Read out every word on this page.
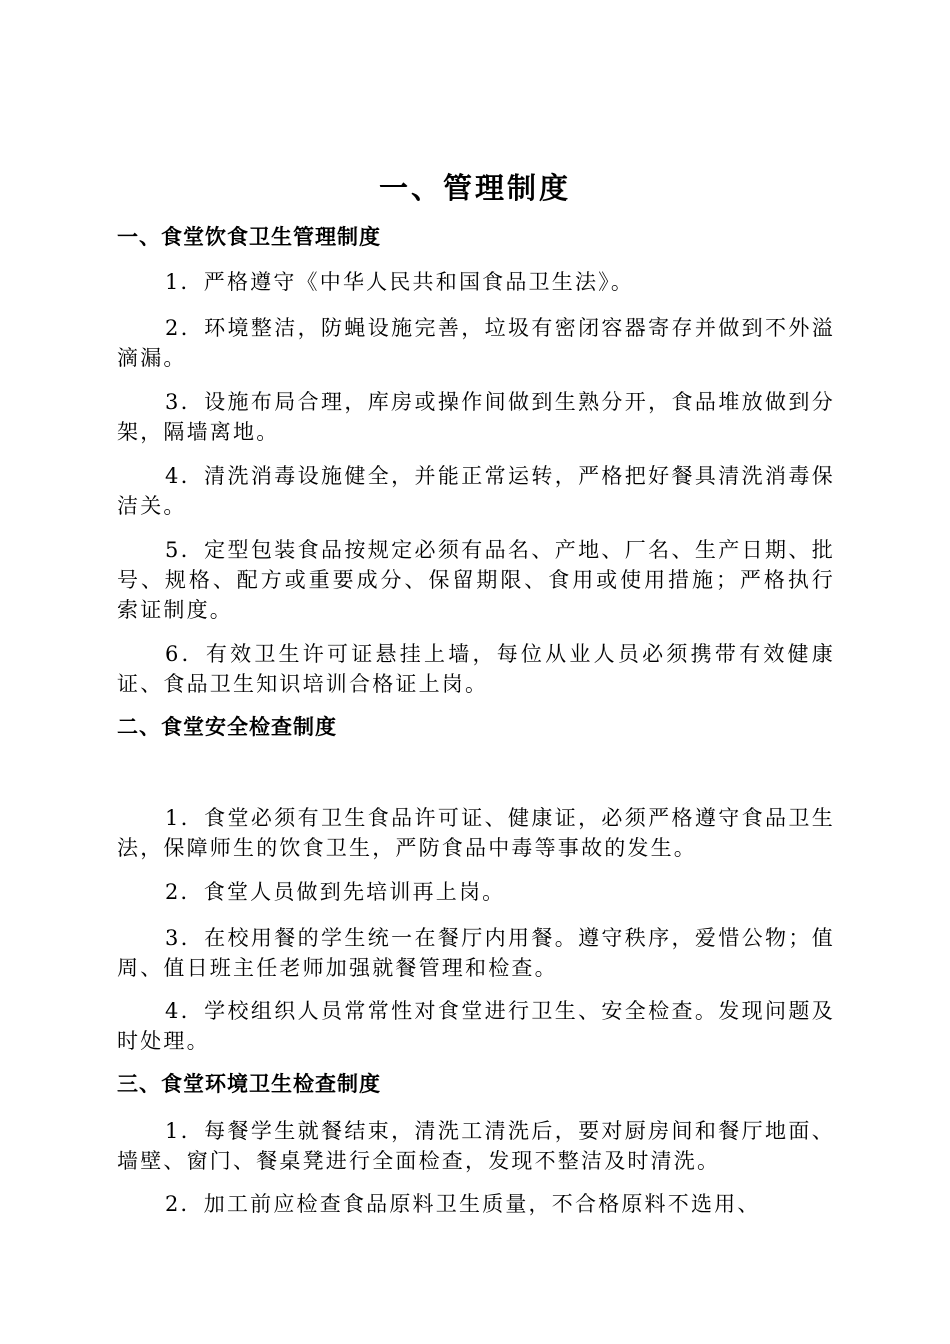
一、管理制度
一、食堂饮食卫生管理制度

1．严格遵守《中华人民共和国食品卫生法》。

2．环境整洁，防蝇设施完善，垃圾有密闭容器寄存并做到不外溢滴漏。

3．设施布局合理，库房或操作间做到生熟分开，食品堆放做到分架，隔墙离地。

4．清洗消毒设施健全，并能正常运转，严格把好餐具清洗消毒保洁关。

5．定型包装食品按规定必须有品名、产地、厂名、生产日期、批号、规格、配方或重要成分、保留期限、食用或使用措施；严格执行索证制度。

6．有效卫生许可证悬挂上墙，每位从业人员必须携带有效健康证、食品卫生知识培训合格证上岗。

二、食堂安全检查制度

1．食堂必须有卫生食品许可证、健康证，必须严格遵守食品卫生法，保障师生的饮食卫生，严防食品中毒等事故的发生。

2．食堂人员做到先培训再上岗。

3．在校用餐的学生统一在餐厅内用餐。遵守秩序，爱惜公物；值周、值日班主任老师加强就餐管理和检查。

4．学校组织人员常常性对食堂进行卫生、安全检查。发现问题及时处理。

三、食堂环境卫生检查制度

1．每餐学生就餐结束，清洗工清洗后，要对厨房间和餐厅地面、墙壁、窗门、餐桌凳进行全面检查，发现不整洁及时清洗。

2．加工前应检查食品原料卫生质量，不合格原料不选用、
